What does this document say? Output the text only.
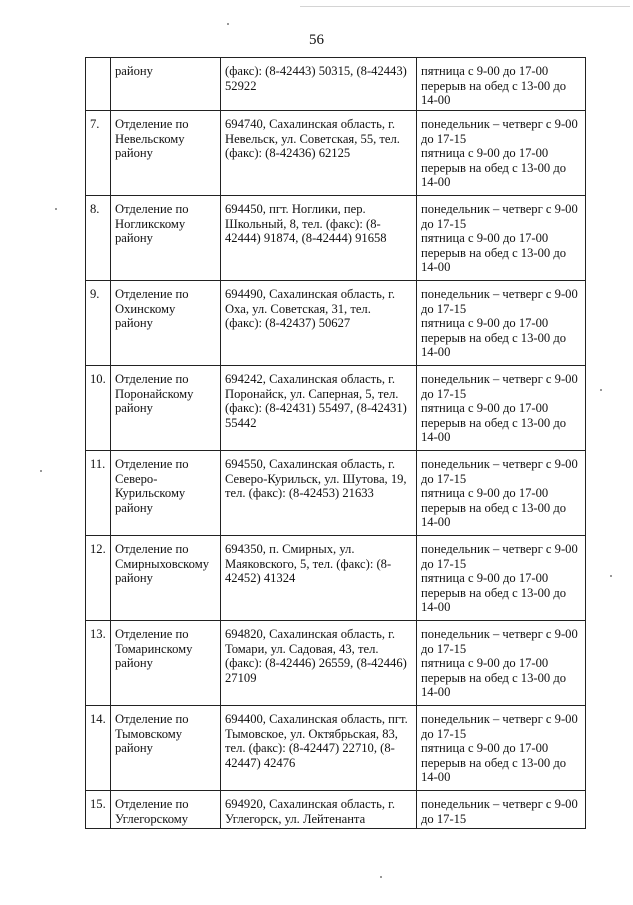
56

	району	(факс): (8-42443) 50315, (8-42443)
52922	пятница с 9-00 до 17-00
перерыв на обед с 13-00 до
14-00

7.	Отделение по
Невельскому
району	694740, Сахалинская область, г.
Невельск, ул. Советская, 55, тел.
(факс): (8-42436) 62125	понедельник – четверг с 9-00
до 17-15
пятница с 9-00 до 17-00
перерыв на обед с 13-00 до
14-00

8.	Отделение по
Ногликскому
району	694450, пгт. Ноглики, пер.
Школьный, 8, тел. (факс): (8-
42444) 91874, (8-42444) 91658	понедельник – четверг с 9-00
до 17-15
пятница с 9-00 до 17-00
перерыв на обед с 13-00 до
14-00

9.	Отделение по
Охинскому
району	694490, Сахалинская область, г.
Оха, ул. Советская, 31, тел.
(факс): (8-42437) 50627	понедельник – четверг с 9-00
до 17-15
пятница с 9-00 до 17-00
перерыв на обед с 13-00 до
14-00

10.	Отделение по
Поронайскому
району	694242, Сахалинская область, г.
Поронайск, ул. Саперная, 5, тел.
(факс): (8-42431) 55497, (8-42431)
55442	понедельник – четверг с 9-00
до 17-15
пятница с 9-00 до 17-00
перерыв на обед с 13-00 до
14-00

11.	Отделение по
Северо-
Курильскому
району	694550, Сахалинская область, г.
Северо-Курильск, ул. Шутова, 19,
тел. (факс): (8-42453) 21633	понедельник – четверг с 9-00
до 17-15
пятница с 9-00 до 17-00
перерыв на обед с 13-00 до
14-00

12.	Отделение по
Смирныховскому
району	694350, п. Смирных, ул.
Маяковского, 5, тел. (факс): (8-
42452) 41324	понедельник – четверг с 9-00
до 17-15
пятница с 9-00 до 17-00
перерыв на обед с 13-00 до
14-00

13.	Отделение по
Томаринскому
району	694820, Сахалинская область, г.
Томари, ул. Садовая, 43, тел.
(факс): (8-42446) 26559, (8-42446)
27109	понедельник – четверг с 9-00
до 17-15
пятница с 9-00 до 17-00
перерыв на обед с 13-00 до
14-00

14.	Отделение по
Тымовскому
району	694400, Сахалинская область, пгт.
Тымовское, ул. Октябрьская, 83,
тел. (факс): (8-42447) 22710, (8-
42447) 42476	понедельник – четверг с 9-00
до 17-15
пятница с 9-00 до 17-00
перерыв на обед с 13-00 до
14-00

15.	Отделение по
Углегорскому	694920, Сахалинская область, г.
Углегорск, ул. Лейтенанта	понедельник – четверг с 9-00
до 17-15
